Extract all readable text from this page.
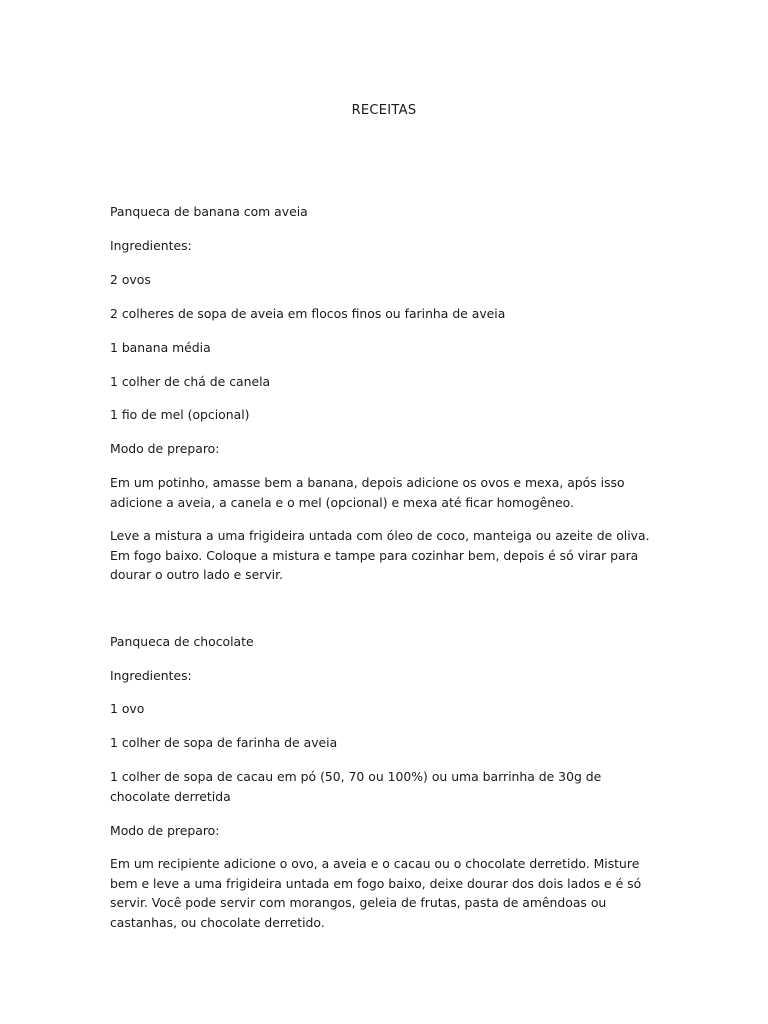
RECEITAS

Panqueca de banana com aveia

Ingredientes:

2 ovos

2 colheres de sopa de aveia em flocos finos ou farinha de aveia

1 banana média

1 colher de chá de canela

1 fio de mel (opcional)

Modo de preparo:

Em um potinho, amasse bem a banana, depois adicione os ovos e mexa, após isso adicione a aveia, a canela e o mel (opcional) e mexa até ficar homogêneo.

Leve a mistura a uma frigideira untada com óleo de coco, manteiga ou azeite de oliva. Em fogo baixo. Coloque a mistura e tampe para cozinhar bem, depois é só virar para dourar o outro lado e servir.

Panqueca de chocolate

Ingredientes:

1 ovo

1 colher de sopa de farinha de aveia

1 colher de sopa de cacau em pó (50, 70 ou 100%) ou uma barrinha de 30g de chocolate derretida

Modo de preparo:

Em um recipiente adicione o ovo, a aveia e o cacau ou o chocolate derretido. Misture bem e leve a uma frigideira untada em fogo baixo, deixe dourar dos dois lados e é só servir. Você pode servir com morangos, geleia de frutas, pasta de amêndoas ou castanhas, ou chocolate derretido.
